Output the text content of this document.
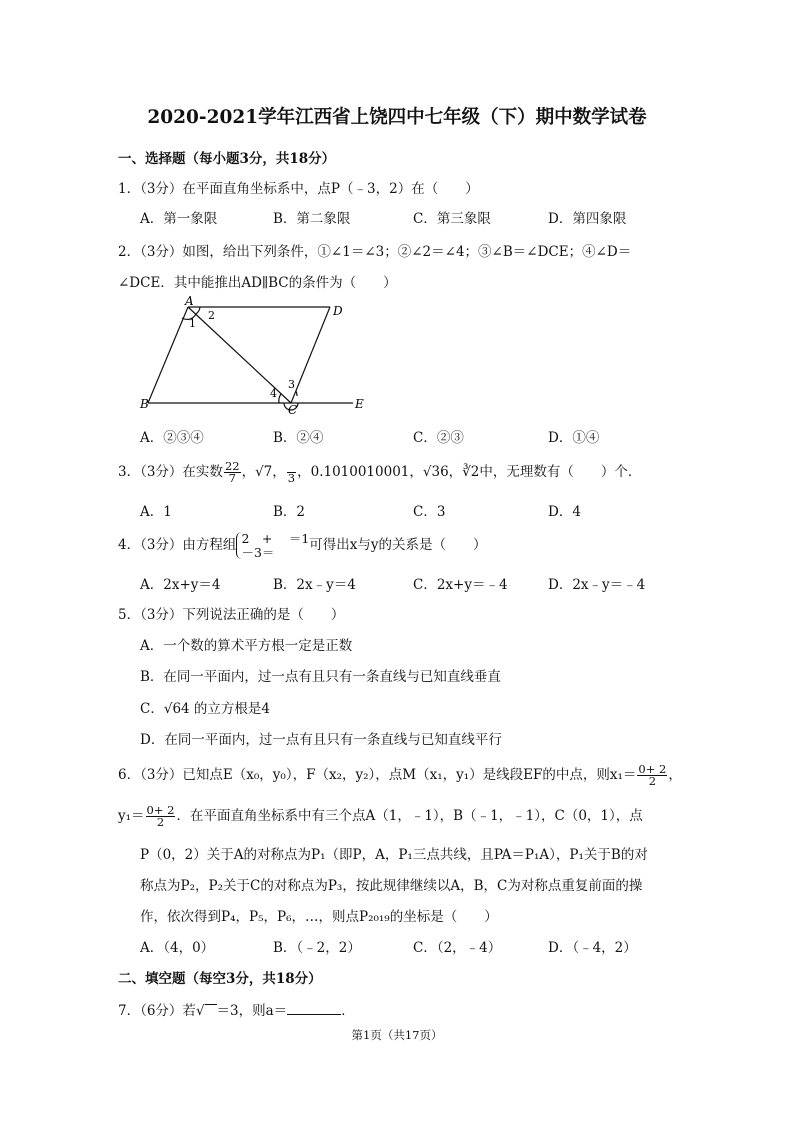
2020-2021学年江西省上饶四中七年级（下）期中数学试卷
一、选择题（每小题3分，共18分）
1．（3分）在平面直角坐标系中，点P（﹣3，2）在（　　）
A．第一象限	B．第二象限	C．第三象限	D．第四象限
2．（3分）如图，给出下列条件，①∠1＝∠3；②∠2＝∠4；③∠B＝∠DCE；④∠D＝
∠DCE．其中能推出AD∥BC的条件为（　　）
A
D
B	C	E
1
2
3
4
A．②③④	B．②④	C．②③	D．①④
3．（3分）在实数 $\frac{22}{7}$ ，√7， $\frac{\_}{3}$ ，0.1010010001，√36，∛2中，无理数有（　　）个．
A．1	B．2	C．3	D．4
4．（3分）由方程组 2　+　 ＝1
－3＝	可得出x与y的关系是（　　）
A．2x+y＝4	B．2x﹣y＝4	C．2x+y＝﹣4	D．2x﹣y＝﹣4
5．（3分）下列说法正确的是（　　）
A．一个数的算术平方根一定是正数
B．在同一平面内，过一点有且只有一条直线与已知直线垂直
C．√64 的立方根是4
D．在同一平面内，过一点有且只有一条直线与已知直线平行
6．（3分）已知点E（x₀，y₀），F（x₂，y₂），点M（x₁，y₁）是线段EF的中点，则$x_1= \frac{0+ 2}{2}$ ，
$y_1= \frac{0+ 2}{2}$ ．在平面直角坐标系中有三个点A（1，﹣1），B（﹣1，﹣1），C（0，1），点
P（0，2）关于A的对称点为P₁（即P，A，P₁三点共线，且PA＝P₁A），P₁关于B的对
称点为P₂，P₂关于C的对称点为P₃，按此规律继续以A，B，C为对称点重复前面的操
作，依次得到P₄，P₅，P₆，…，则点P₂₀₁₉的坐标是（　　）
A．（4，0）	B．（﹣2，2）	C．（2，﹣4）	D．（﹣4，2）
二、填空题（每空3分，共18分）
7．（6分）若√ ＝3，则a＝	．
第1页（共17页）
